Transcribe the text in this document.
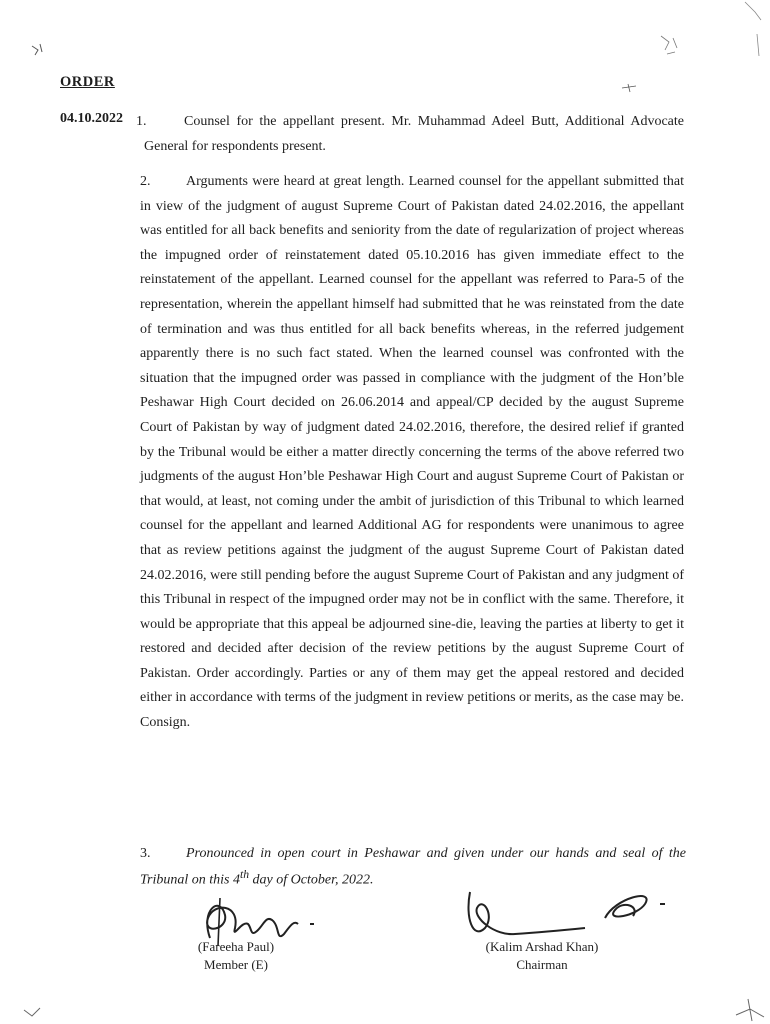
ORDER
04.10.2022 1.	Counsel for the appellant present. Mr. Muhammad Adeel Butt, Additional Advocate General for respondents present.
2.	Arguments were heard at great length. Learned counsel for the appellant submitted that in view of the judgment of august Supreme Court of Pakistan dated 24.02.2016, the appellant was entitled for all back benefits and seniority from the date of regularization of project whereas the impugned order of reinstatement dated 05.10.2016 has given immediate effect to the reinstatement of the appellant. Learned counsel for the appellant was referred to Para-5 of the representation, wherein the appellant himself had submitted that he was reinstated from the date of termination and was thus entitled for all back benefits whereas, in the referred judgement apparently there is no such fact stated. When the learned counsel was confronted with the situation that the impugned order was passed in compliance with the judgment of the Hon’ble Peshawar High Court decided on 26.06.2014 and appeal/CP decided by the august Supreme Court of Pakistan by way of judgment dated 24.02.2016, therefore, the desired relief if granted by the Tribunal would be either a matter directly concerning the terms of the above referred two judgments of the august Hon’ble Peshawar High Court and august Supreme Court of Pakistan or that would, at least, not coming under the ambit of jurisdiction of this Tribunal to which learned counsel for the appellant and learned Additional AG for respondents were unanimous to agree that as review petitions against the judgment of the august Supreme Court of Pakistan dated 24.02.2016, were still pending before the august Supreme Court of Pakistan and any judgment of this Tribunal in respect of the impugned order may not be in conflict with the same. Therefore, it would be appropriate that this appeal be adjourned sine-die, leaving the parties at liberty to get it restored and decided after decision of the review petitions by the august Supreme Court of Pakistan. Order accordingly. Parties or any of them may get the appeal restored and decided either in accordance with terms of the judgment in review petitions or merits, as the case may be. Consign.
3.	Pronounced in open court in Peshawar and given under our hands and seal of the Tribunal on this 4th day of October, 2022.
(Fareeha Paul)
Member (E)
(Kalim Arshad Khan)
Chairman
